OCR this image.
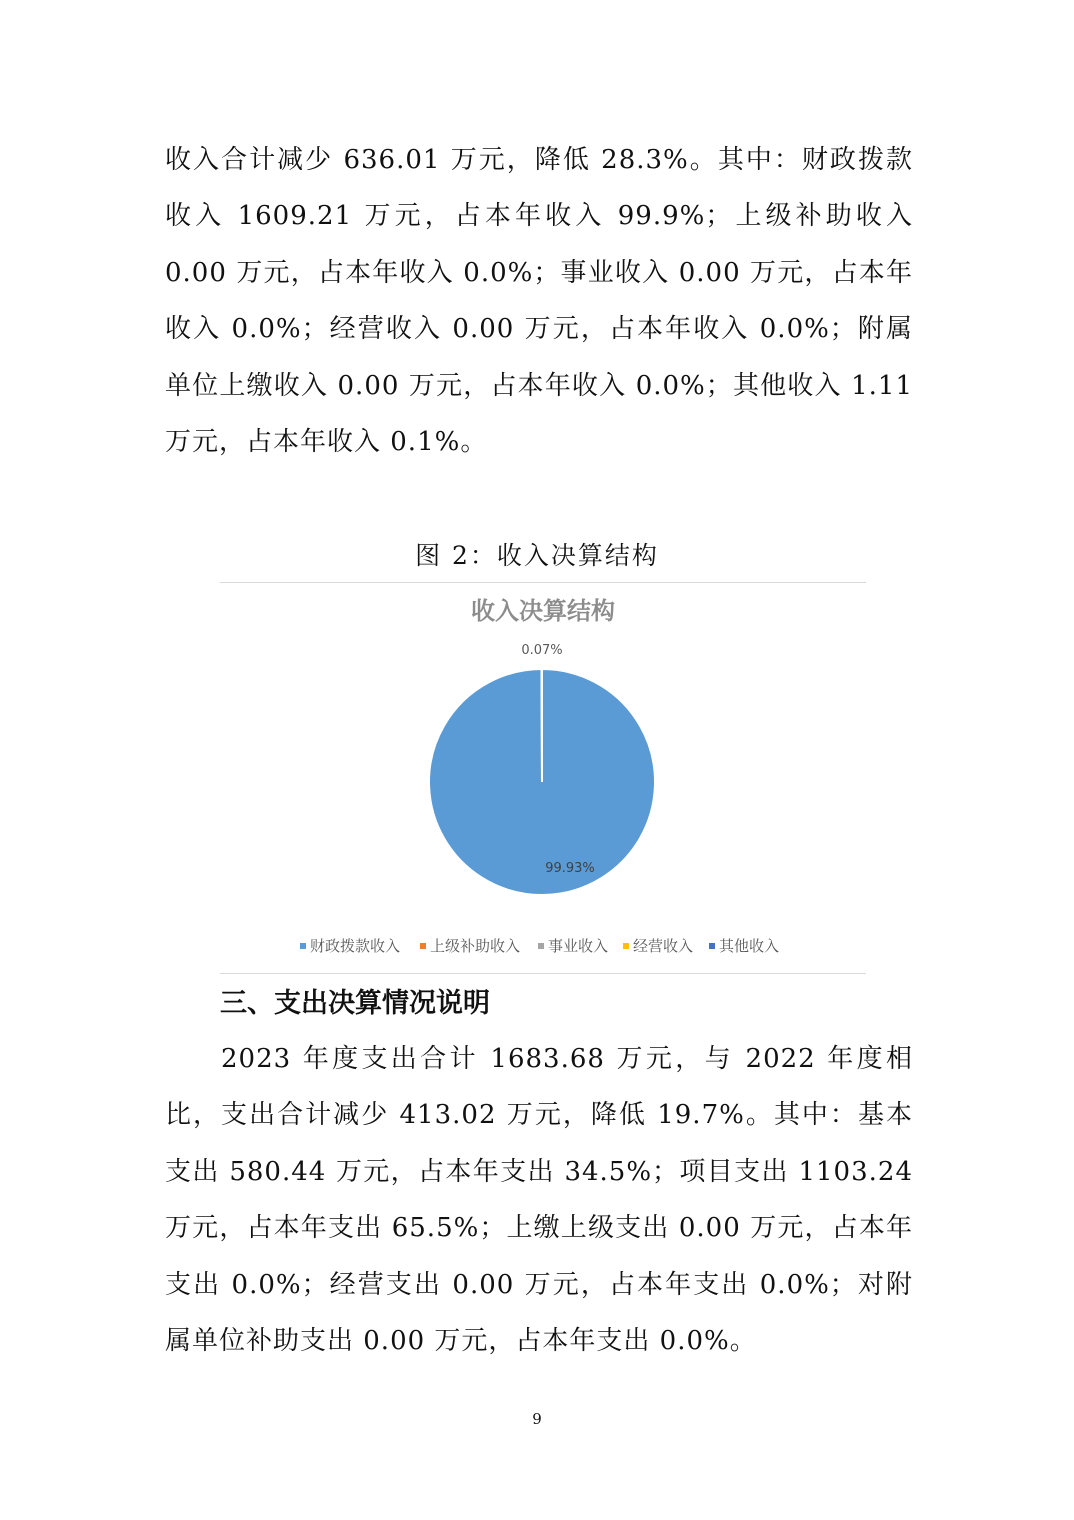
收入合计减少 636.01 万元，降低 28.3%。其中：财政拨款收入 1609.21 万元，占本年收入 99.9%；上级补助收入 0.00 万元，占本年收入 0.0%；事业收入 0.00 万元，占本年收入 0.0%；经营收入 0.00 万元，占本年收入 0.0%；附属单位上缴收入 0.00 万元，占本年收入 0.0%；其他收入 1.11 万元，占本年收入 0.1%。

图 2：收入决算结构

收入决算结构
0.07%
99.93%
财政拨款收入 上级补助收入 事业收入 经营收入 其他收入

三、支出决算情况说明

2023 年度支出合计 1683.68 万元，与 2022 年度相比，支出合计减少 413.02 万元，降低 19.7%。其中：基本支出 580.44 万元，占本年支出 34.5%；项目支出 1103.24 万元，占本年支出 65.5%；上缴上级支出 0.00 万元，占本年支出 0.0%；经营支出 0.00 万元，占本年支出 0.0%；对附属单位补助支出 0.00 万元，占本年支出 0.0%。

9
